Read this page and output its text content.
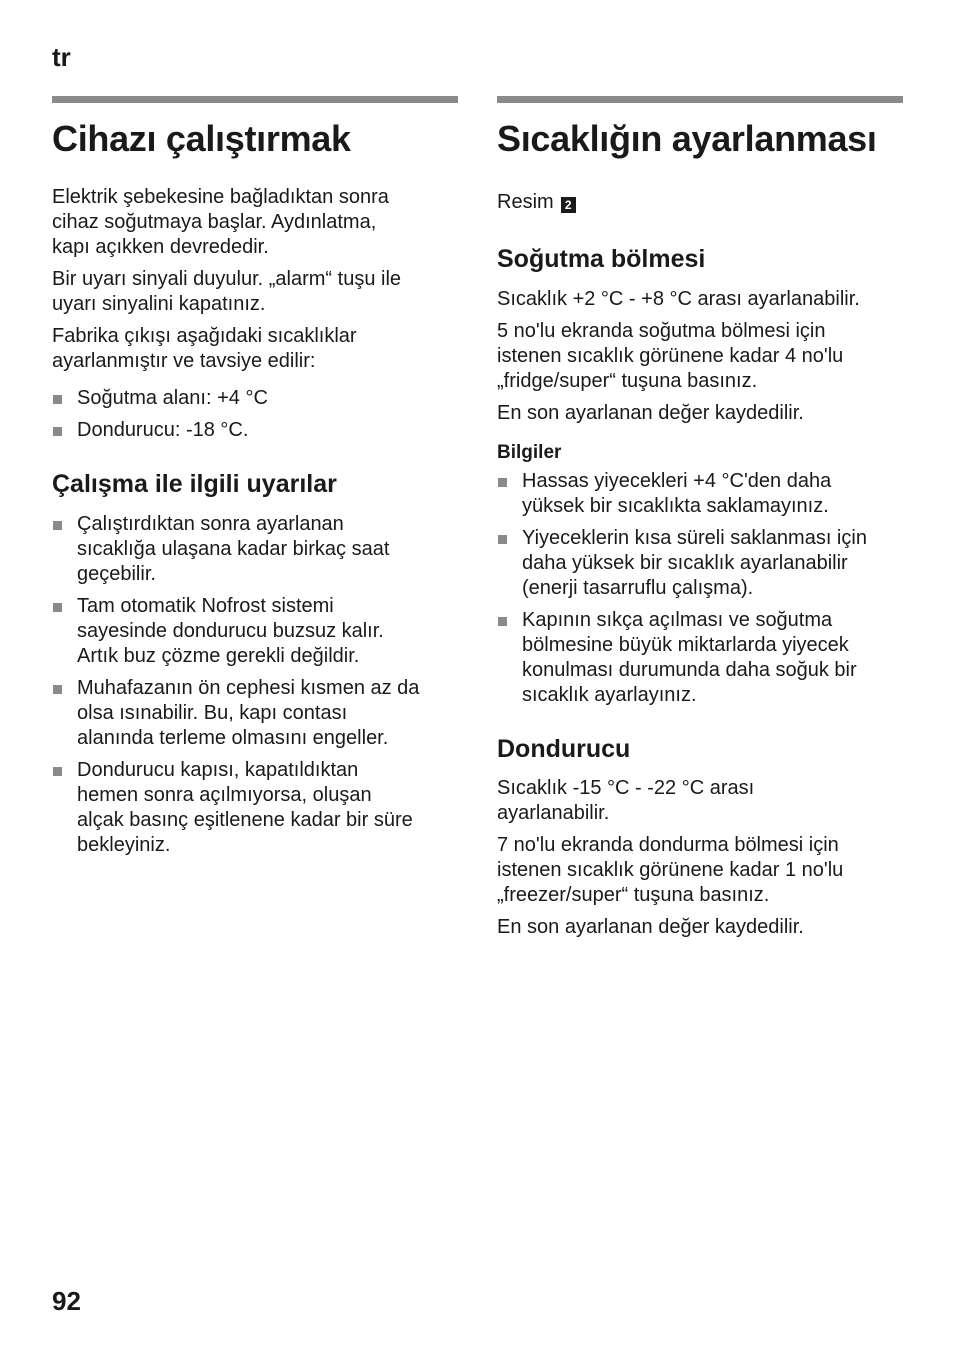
tr
Cihazı çalıştırmak

Elektrik şebekesine bağladıktan sonra
cihaz soğutmaya başlar. Aydınlatma,
kapı açıkken devrededir.

Bir uyarı sinyali duyulur. „alarm“ tuşu ile
uyarı sinyalini kapatınız.

Fabrika çıkışı aşağıdaki sıcaklıklar
ayarlanmıştır ve tavsiye edilir:

Soğutma alanı: +4 °C
Dondurucu: -18 °C.
Çalışma ile ilgili uyarılar
Çalıştırdıktan sonra ayarlanan
sıcaklığa ulaşana kadar birkaç saat
geçebilir.
Tam otomatik Nofrost sistemi
sayesinde dondurucu buzsuz kalır.
Artık buz çözme gerekli değildir.
Muhafazanın ön cephesi kısmen az da
olsa ısınabilir. Bu, kapı contası
alanında terleme olmasını engeller.
Dondurucu kapısı, kapatıldıktan
hemen sonra açılmıyorsa, oluşan
alçak basınç eşitlenene kadar bir süre
bekleyiniz.
Sıcaklığın ayarlanması

Resim 2

Soğutma bölmesi

Sıcaklık +2 °C - +8 °C arası ayarlanabilir.

5 no'lu ekranda soğutma bölmesi için
istenen sıcaklık görünene kadar 4 no'lu
„fridge/super“ tuşuna basınız.

En son ayarlanan değer kaydedilir.

Bilgiler
Hassas yiyecekleri +4 °C'den daha
yüksek bir sıcaklıkta saklamayınız.
Yiyeceklerin kısa süreli saklanması için
daha yüksek bir sıcaklık ayarlanabilir
(enerji tasarruflu çalışma).
Kapının sıkça açılması ve soğutma
bölmesine büyük miktarlarda yiyecek
konulması durumunda daha soğuk bir
sıcaklık ayarlayınız.
Dondurucu

Sıcaklık -15 °C - -22 °C arası
ayarlanabilir.

7 no'lu ekranda dondurma bölmesi için
istenen sıcaklık görünene kadar 1 no'lu
„freezer/super“ tuşuna basınız.

En son ayarlanan değer kaydedilir.

92
